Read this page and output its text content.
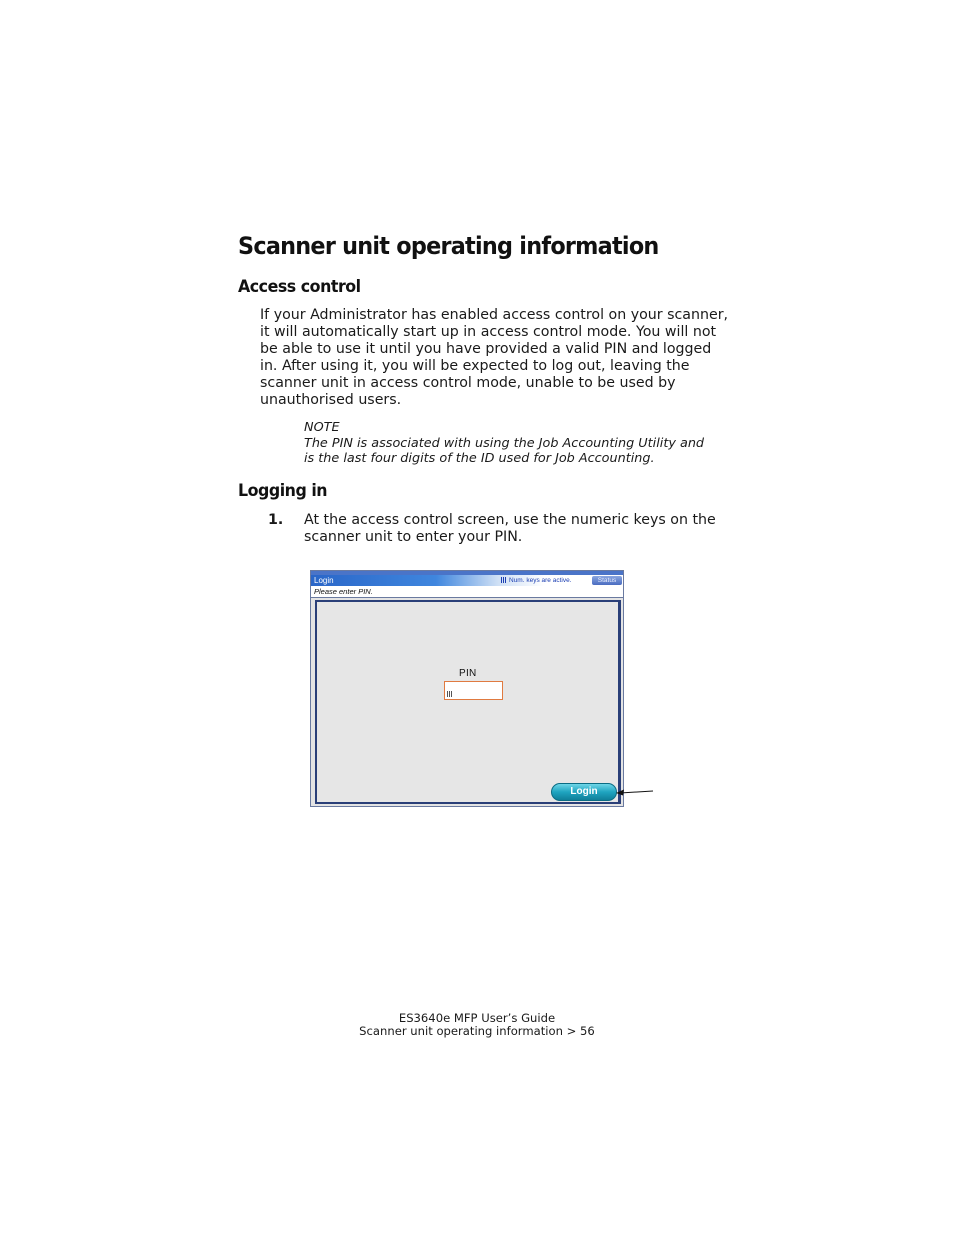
Scanner unit operating information
Access control
If your Administrator has enabled access control on your scanner,
it will automatically start up in access control mode. You will not
be able to use it until you have provided a valid PIN and logged
in. After using it, you will be expected to log out, leaving the
scanner unit in access control mode, unable to be used by
unauthorised users.
NOTE
The PIN is associated with using the Job Accounting Utility and
is the last four digits of the ID used for Job Accounting.
Logging in
1. At the access control screen, use the numeric keys on the
scanner unit to enter your PIN.
Login	Num. keys are active.	Status
Please enter PIN.
PIN
Login
ES3640e MFP User’s Guide
Scanner unit operating information > 56
